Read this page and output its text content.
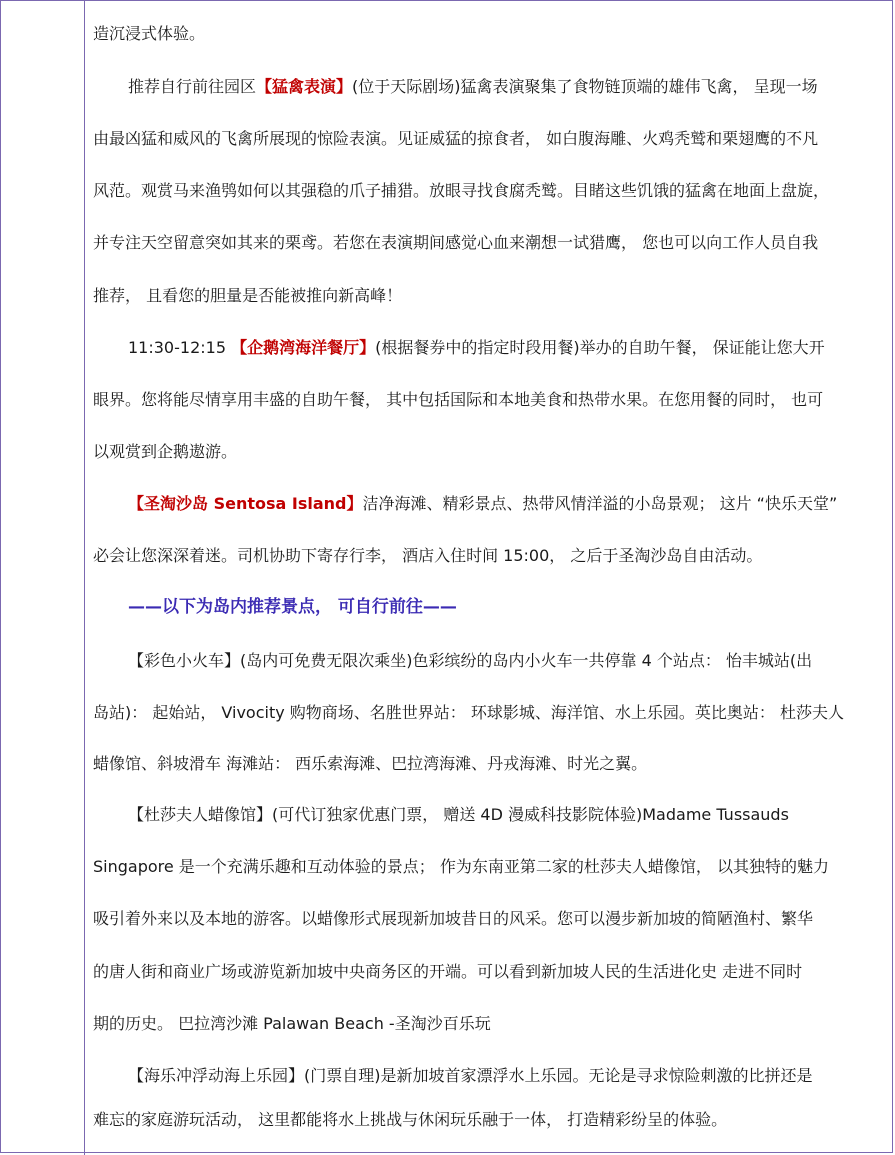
造沉浸式体验。
推荐自行前往园区【猛禽表演】(位于天际剧场)猛禽表演聚集了食物链顶端的雄伟飞禽， 呈现一场
由最凶猛和威风的飞禽所展现的惊险表演。见证威猛的掠食者， 如白腹海雕、火鸡秃鹫和栗翅鹰的不凡
风范。观赏马来渔鸮如何以其强稳的爪子捕猎。放眼寻找食腐秃鹫。目睹这些饥饿的猛禽在地面上盘旋，
并专注天空留意突如其来的栗鸢。若您在表演期间感觉心血来潮想一试猎鹰， 您也可以向工作人员自我
推荐， 且看您的胆量是否能被推向新高峰！
11:30-12:15 【企鹅湾海洋餐厅】(根据餐券中的指定时段用餐)举办的自助午餐， 保证能让您大开
眼界。您将能尽情享用丰盛的自助午餐， 其中包括国际和本地美食和热带水果。在您用餐的同时， 也可
以观赏到企鹅遨游。
【圣淘沙岛 Sentosa Island】洁净海滩、精彩景点、热带风情洋溢的小岛景观； 这片 “快乐天堂”
必会让您深深着迷。司机协助下寄存行李， 酒店入住时间 15:00， 之后于圣淘沙岛自由活动。
——以下为岛内推荐景点， 可自行前往——
【彩色小火车】(岛内可免费无限次乘坐)色彩缤纷的岛内小火车一共停靠 4 个站点： 怡丰城站(出
岛站)： 起始站， Vivocity 购物商场、名胜世界站： 环球影城、海洋馆、水上乐园。英比奥站： 杜莎夫人
蜡像馆、斜坡滑车 海滩站： 西乐索海滩、巴拉湾海滩、丹戎海滩、时光之翼。
【杜莎夫人蜡像馆】(可代订独家优惠门票， 赠送 4D 漫威科技影院体验)Madame Tussauds
Singapore 是一个充满乐趣和互动体验的景点； 作为东南亚第二家的杜莎夫人蜡像馆， 以其独特的魅力
吸引着外来以及本地的游客。以蜡像形式展现新加坡昔日的风采。您可以漫步新加坡的简陋渔村、繁华
的唐人街和商业广场或游览新加坡中央商务区的开端。可以看到新加坡人民的生活进化史 走进不同时
期的历史。 巴拉湾沙滩 Palawan Beach -圣淘沙百乐玩
【海乐冲浮动海上乐园】(门票自理)是新加坡首家漂浮水上乐园。无论是寻求惊险刺激的比拼还是
难忘的家庭游玩活动， 这里都能将水上挑战与休闲玩乐融于一体， 打造精彩纷呈的体验。
